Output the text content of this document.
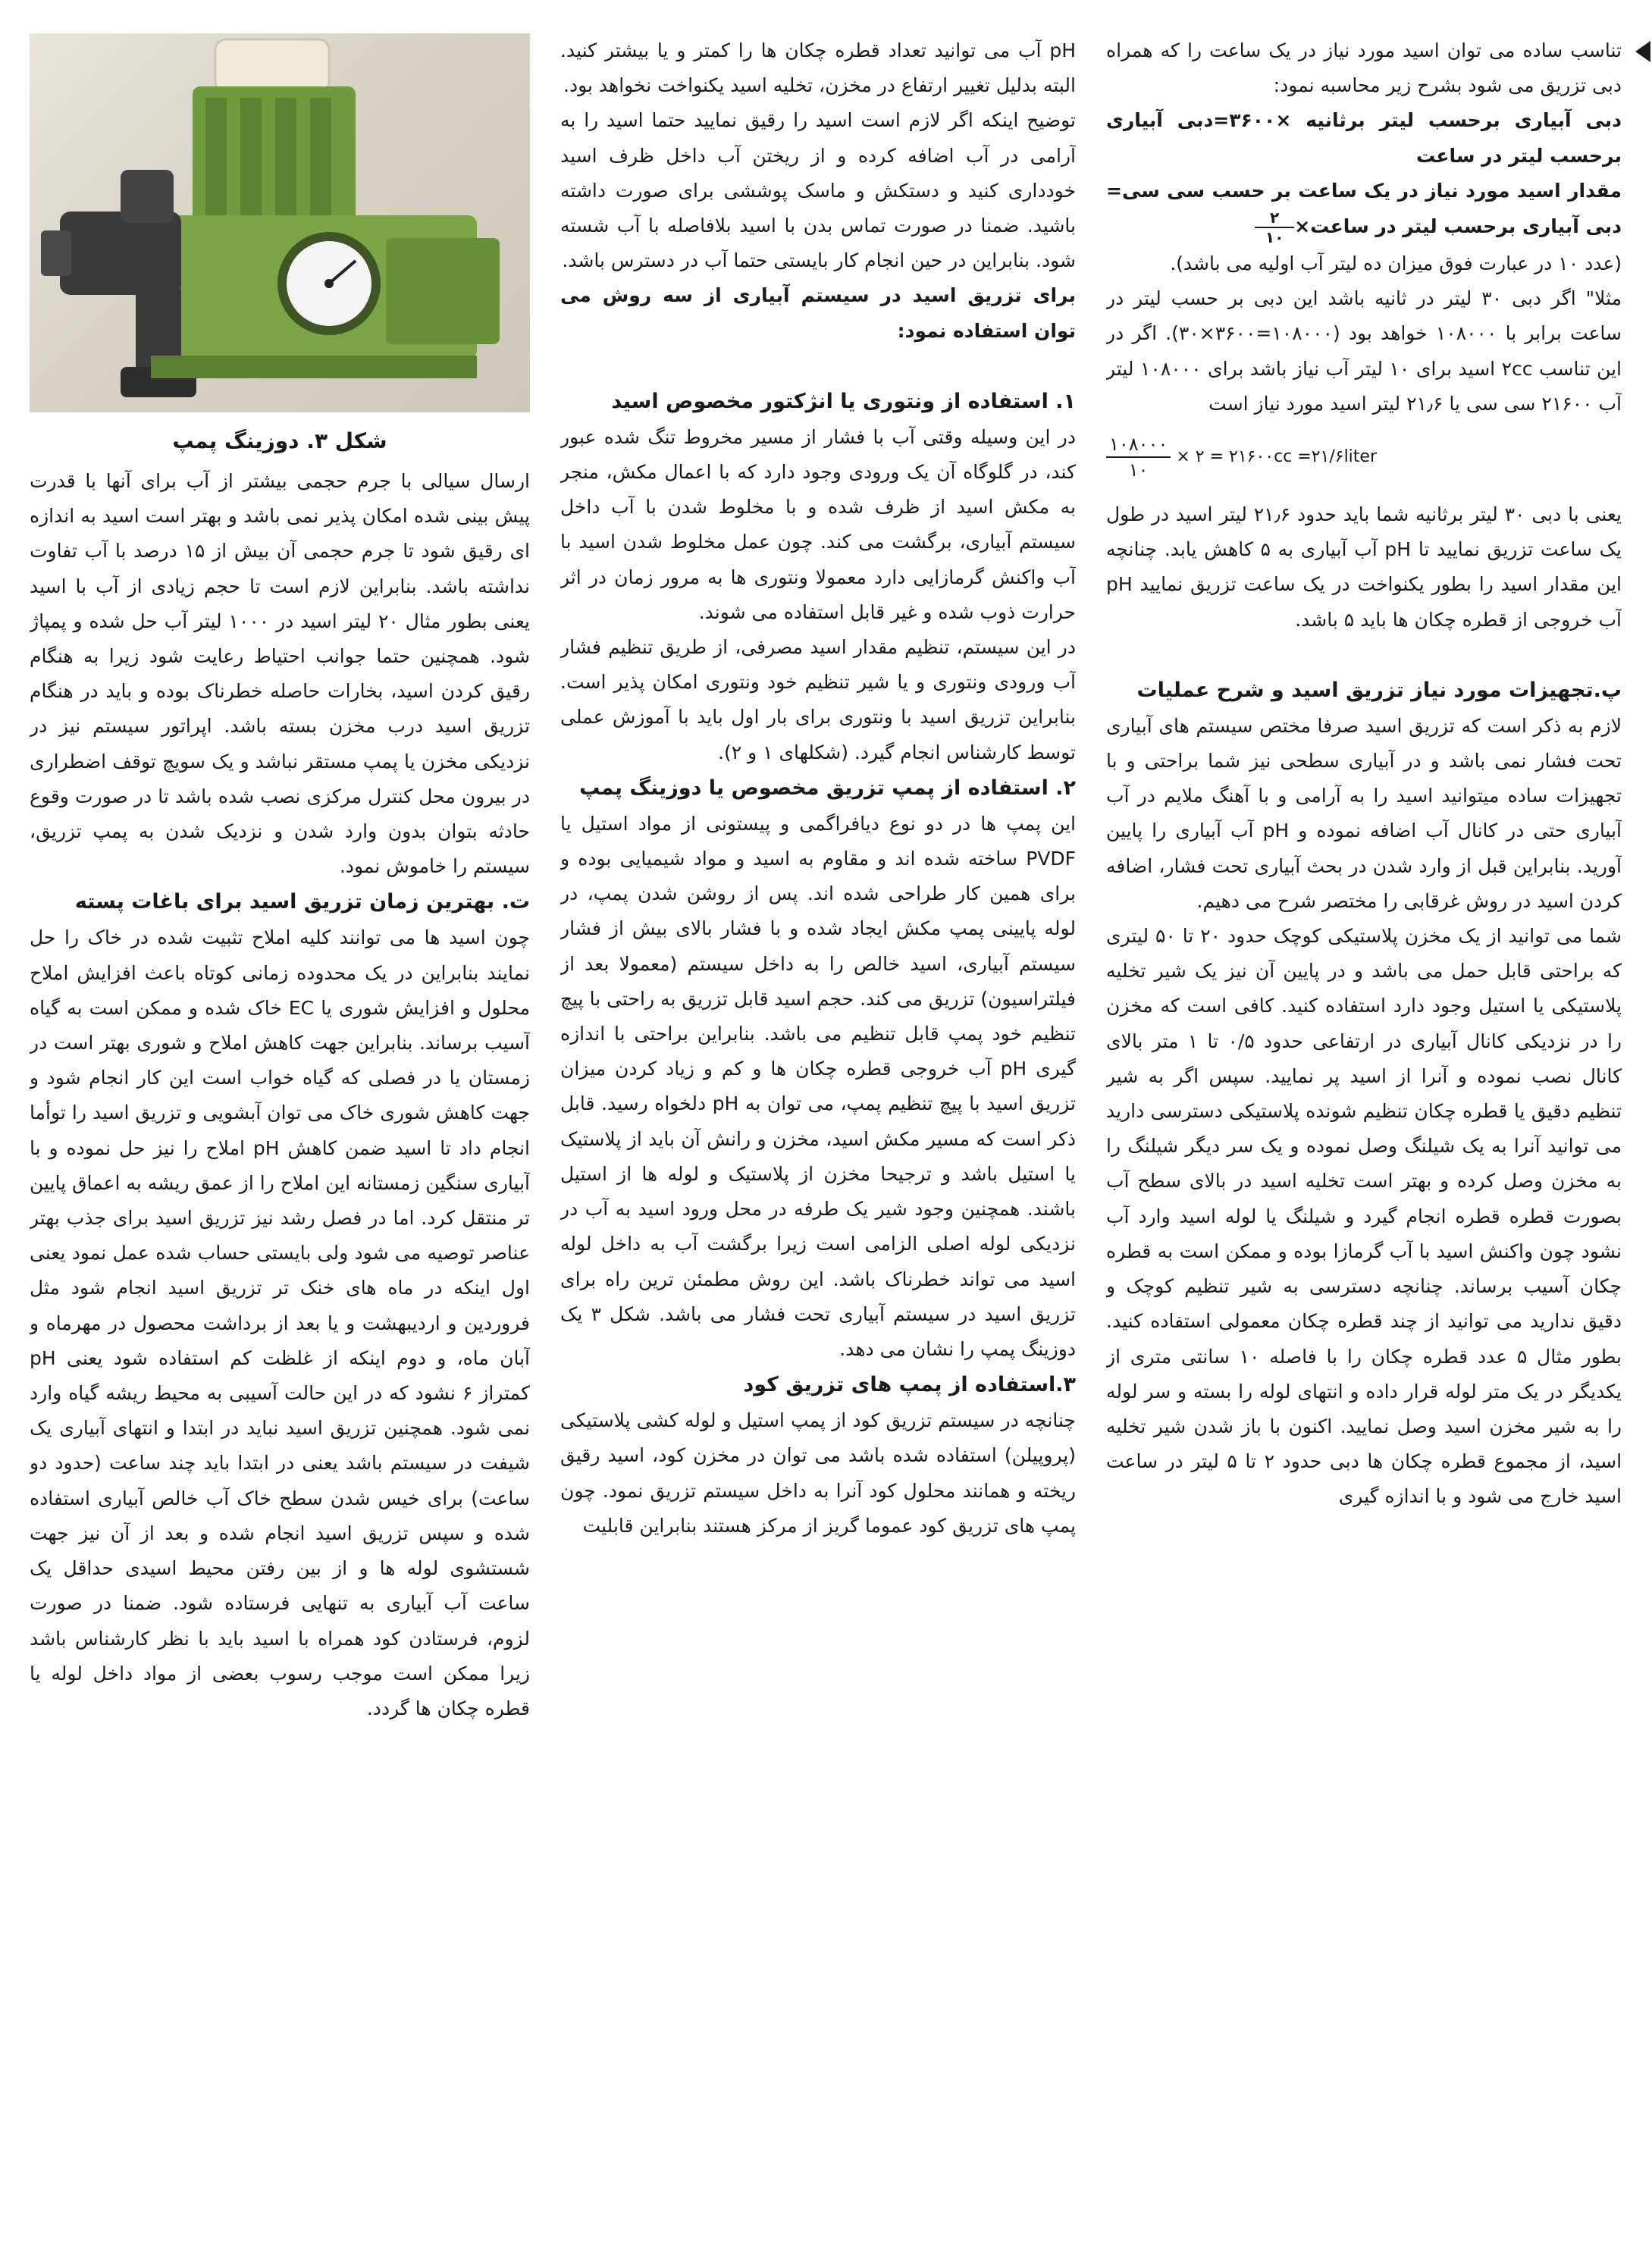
تناسب ساده می توان اسید مورد نیاز در یک ساعت را که همراه دبی تزریق می شود بشرح زیر محاسبه نمود:

دبی آبیاری برحسب لیتر برثانیه ×۳۶۰۰=دبی آبیاری برحسب لیتر در ساعت

مقدار اسید مورد نیاز در یک ساعت بر حسب سی سی= دبی آبیاری برحسب لیتر در ساعت×
$\frac{۲}{۱۰}$

(عدد ۱۰ در عبارت فوق میزان ده لیتر آب اولیه می باشد).

مثلا" اگر دبی ۳۰ لیتر در ثانیه باشد این دبی بر حسب لیتر در ساعت برابر با ۱۰۸۰۰۰ خواهد بود (۱۰۸۰۰۰=۳۶۰۰×۳۰). اگر در این تناسب ۲cc اسید برای ۱۰ لیتر آب نیاز باشد برای ۱۰۸۰۰۰ لیتر آب ۲۱۶۰۰ سی سی یا ۲۱٫۶ لیتر اسید مورد نیاز است

$\frac{۱۰۸۰۰۰}{۱۰}$ × ۲ = ۲۱۶۰۰cc =۲۱/۶liter

یعنی با دبی ۳۰ لیتر برثانیه شما باید حدود ۲۱٫۶ لیتر اسید در طول یک ساعت تزریق نمایید تا pH آب آبیاری به ۵ کاهش یابد. چنانچه این مقدار اسید را بطور یکنواخت در یک ساعت تزریق نمایید pH آب خروجی از قطره چکان ها باید ۵ باشد.

پ.تجهیزات مورد نیاز تزریق اسید و شرح عملیات

لازم به ذکر است که تزریق اسید صرفا مختص سیستم های آبیاری تحت فشار نمی باشد و در آبیاری سطحی نیز شما براحتی و با تجهیزات ساده میتوانید اسید را به آرامی و با آهنگ ملایم در آب آبیاری حتی در کانال آب اضافه نموده و pH آب آبیاری را پایین آورید. بنابراین قبل از وارد شدن در بحث آبیاری تحت فشار، اضافه کردن اسید در روش غرقابی را مختصر شرح می دهیم.

شما می توانید از یک مخزن پلاستیکی کوچک حدود ۲۰ تا ۵۰ لیتری که براحتی قابل حمل می باشد و در پایین آن نیز یک شیر تخلیه پلاستیکی یا استیل وجود دارد استفاده کنید. کافی است که مخزن را در نزدیکی کانال آبیاری در ارتفاعی حدود ۰/۵ تا ۱ متر بالای کانال نصب نموده و آنرا از اسید پر نمایید. سپس اگر به شیر تنظیم دقیق یا قطره چکان تنظیم شونده پلاستیکی دسترسی دارید می توانید آنرا به یک شیلنگ وصل نموده و یک سر دیگر شیلنگ را به مخزن وصل کرده و بهتر است تخلیه اسید در بالای سطح آب بصورت قطره قطره انجام گیرد و شیلنگ یا لوله اسید وارد آب نشود چون واکنش اسید با آب گرمازا بوده و ممکن است به قطره چکان آسیب برساند. چنانچه دسترسی به شیر تنظیم کوچک و دقیق ندارید می توانید از چند قطره چکان معمولی استفاده کنید. بطور مثال ۵ عدد قطره چکان را با فاصله ۱۰ سانتی متری از یکدیگر در یک متر لوله قرار داده و انتهای لوله را بسته و سر لوله را به شیر مخزن اسید وصل نمایید. اکنون با باز شدن شیر تخلیه اسید، از مجموع قطره چکان ها دبی حدود ۲ تا ۵ لیتر در ساعت اسید خارج می شود و با اندازه گیری

pH آب می توانید تعداد قطره چکان ها را کمتر و یا بیشتر کنید. البته بدلیل تغییر ارتفاع در مخزن، تخلیه اسید یکنواخت نخواهد بود.

توضیح اینکه اگر لازم است اسید را رقیق نمایید حتما اسید را به آرامی در آب اضافه کرده و از ریختن آب داخل ظرف اسید خودداری کنید و دستکش و ماسک پوششی برای صورت داشته باشید. ضمنا در صورت تماس بدن با اسید بلافاصله با آب شسته شود. بنابراین در حین انجام کار بایستی حتما آب در دسترس باشد.

برای تزریق اسید در سیستم آبیاری از سه روش می توان استفاده نمود:

۱. استفاده از ونتوری یا انژکتور مخصوص اسید

در این وسیله وقتی آب با فشار از مسیر مخروط تنگ شده عبور کند، در گلوگاه آن یک ورودی وجود دارد که با اعمال مکش، منجر به مکش اسید از ظرف شده و با مخلوط شدن با آب داخل سیستم آبیاری، برگشت می کند. چون عمل مخلوط شدن اسید با آب واکنش گرمازایی دارد معمولا ونتوری ها به مرور زمان در اثر حرارت ذوب شده و غیر قابل استفاده می شوند.

در این سیستم، تنظیم مقدار اسید مصرفی، از طریق تنظیم فشار آب ورودی ونتوری و یا شیر تنظیم خود ونتوری امکان پذیر است. بنابراین تزریق اسید با ونتوری برای بار اول باید با آموزش عملی توسط کارشناس انجام گیرد. (شکلهای ۱ و ۲).

۲. استفاده از پمپ تزریق مخصوص یا دوزینگ پمپ

این پمپ ها در دو نوع دیافراگمی و پیستونی از مواد استیل یا PVDF ساخته شده اند و مقاوم به اسید و مواد شیمیایی بوده و برای همین کار طراحی شده اند. پس از روشن شدن پمپ، در لوله پایینی پمپ مکش ایجاد شده و با فشار بالای بیش از فشار سیستم آبیاری، اسید خالص را به داخل سیستم (معمولا بعد از فیلتراسیون) تزریق می کند. حجم اسید قابل تزریق به راحتی با پیچ تنظیم خود پمپ قابل تنظیم می باشد. بنابراین براحتی با اندازه گیری pH آب خروجی قطره چکان ها و کم و زیاد کردن میزان تزریق اسید با پیچ تنظیم پمپ، می توان به pH دلخواه رسید. قابل ذکر است که مسیر مکش اسید، مخزن و رانش آن باید از پلاستیک یا استیل باشد و ترجیحا مخزن از پلاستیک و لوله ها از استیل باشند. همچنین وجود شیر یک طرفه در محل ورود اسید به آب در نزدیکی لوله اصلی الزامی است زیرا برگشت آب به داخل لوله اسید می تواند خطرناک باشد. این روش مطمئن ترین راه برای تزریق اسید در سیستم آبیاری تحت فشار می باشد. شکل ۳ یک دوزینگ پمپ را نشان می دهد.

۳.استفاده از پمپ های تزریق کود

چنانچه در سیستم تزریق کود از پمپ استیل و لوله کشی پلاستیکی (پروپیلن) استفاده شده باشد می توان در مخزن کود، اسید رقیق ریخته و همانند محلول کود آنرا به داخل سیستم تزریق نمود. چون پمپ های تزریق کود عموما گریز از مرکز هستند بنابراین قابلیت

شکل ۳. دوزینگ پمپ

ارسال سیالی با جرم حجمی بیشتر از آب برای آنها با قدرت پیش بینی شده امکان پذیر نمی باشد و بهتر است اسید به اندازه ای رقیق شود تا جرم حجمی آن بیش از ۱۵ درصد با آب تفاوت نداشته باشد. بنابراین لازم است تا حجم زیادی از آب با اسید یعنی بطور مثال ۲۰ لیتر اسید در ۱۰۰۰ لیتر آب حل شده و پمپاژ شود. همچنین حتما جوانب احتیاط رعایت شود زیرا به هنگام رقیق کردن اسید، بخارات حاصله خطرناک بوده و باید در هنگام تزریق اسید درب مخزن بسته باشد. اپراتور سیستم نیز در نزدیکی مخزن یا پمپ مستقر نباشد و یک سویچ توقف اضطراری در بیرون محل کنترل مرکزی نصب شده باشد تا در صورت وقوع حادثه بتوان بدون وارد شدن و نزدیک شدن به پمپ تزریق، سیستم را خاموش نمود.

ت. بهترین زمان تزریق اسید برای باغات پسته

چون اسید ها می توانند کلیه املاح تثبیت شده در خاک را حل نمایند بنابراین در یک محدوده زمانی کوتاه باعث افزایش املاح محلول و افزایش شوری یا EC خاک شده و ممکن است به گیاه آسیب برساند. بنابراین جهت کاهش املاح و شوری بهتر است در زمستان یا در فصلی که گیاه خواب است این کار انجام شود و جهت کاهش شوری خاک می توان آبشویی و تزریق اسید را توأما انجام داد تا اسید ضمن کاهش pH املاح را نیز حل نموده و با آبیاری سنگین زمستانه این املاح را از عمق ریشه به اعماق پایین تر منتقل کرد. اما در فصل رشد نیز تزریق اسید برای جذب بهتر عناصر توصیه می شود ولی بایستی حساب شده عمل نمود یعنی اول اینکه در ماه های خنک تر تزریق اسید انجام شود مثل فروردین و اردیبهشت و یا بعد از برداشت محصول در مهرماه و آبان ماه، و دوم اینکه از غلظت کم استفاده شود یعنی pH کمتراز ۶ نشود که در این حالت آسیبی به محیط ریشه گیاه وارد نمی شود. همچنین تزریق اسید نباید در ابتدا و انتهای آبیاری یک شیفت در سیستم باشد یعنی در ابتدا باید چند ساعت (حدود دو ساعت) برای خیس شدن سطح خاک آب خالص آبیاری استفاده شده و سپس تزریق اسید انجام شده و بعد از آن نیز جهت شستشوی لوله ها و از بین رفتن محیط اسیدی حداقل یک ساعت آب آبیاری به تنهایی فرستاده شود. ضمنا در صورت لزوم، فرستادن کود همراه با اسید باید با نظر کارشناس باشد زیرا ممکن است موجب رسوب بعضی از مواد داخل لوله یا قطره چکان ها گردد.
